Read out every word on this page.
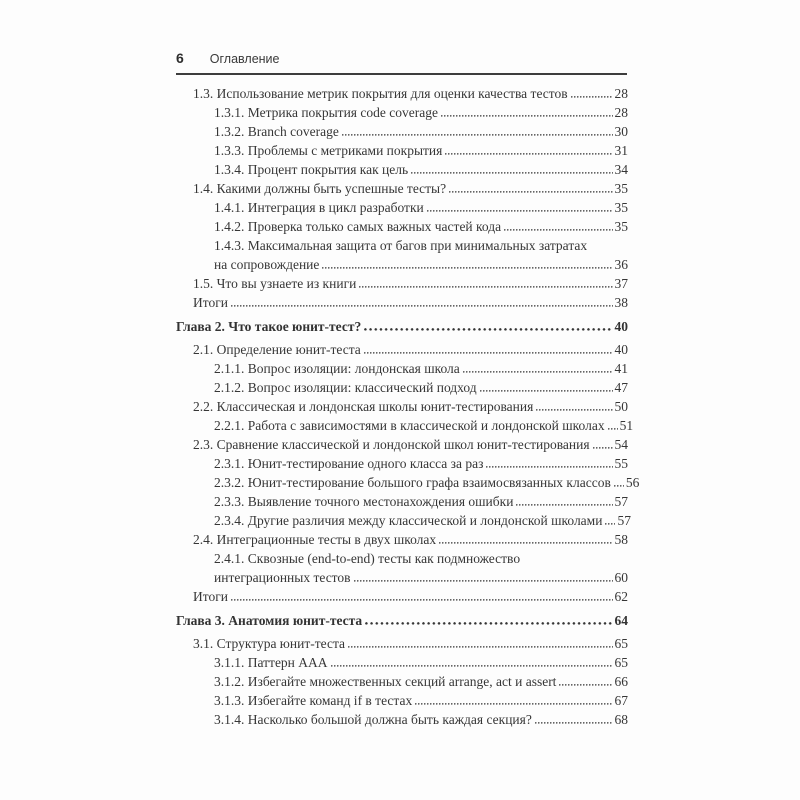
6 Оглавление
1.3. Использование метрик покрытия для оценки качества тестов	28
1.3.1. Метрика покрытия code coverage	28
1.3.2. Branch coverage	30
1.3.3. Проблемы с метриками покрытия	31
1.3.4. Процент покрытия как цель	34
1.4. Какими должны быть успешные тесты?	35
1.4.1. Интеграция в цикл разработки	35
1.4.2. Проверка только самых важных частей кода	35
1.4.3. Максимальная защита от багов при минимальных затратах
на сопровождение	36
1.5. Что вы узнаете из книги	37
Итоги	38
Глава 2. Что такое юнит-тест?	40
2.1. Определение юнит-теста	40
2.1.1. Вопрос изоляции: лондонская школа	41
2.1.2. Вопрос изоляции: классический подход	47
2.2. Классическая и лондонская школы юнит-тестирования	50
2.2.1. Работа с зависимостями в классической и лондонской школах 51
2.3. Сравнение классической и лондонской школ юнит-тестирования 54
2.3.1. Юнит-тестирование одного класса за раз	55
2.3.2. Юнит-тестирование большого графа взаимосвязанных классов 56
2.3.3. Выявление точного местонахождения ошибки	57
2.3.4. Другие различия между классической и лондонской школами 57
2.4. Интеграционные тесты в двух школах	58
2.4.1. Сквозные (end-to-end) тесты как подмножество
интеграционных тестов	60
Итоги	62
Глава 3. Анатомия юнит-теста	64
3.1. Структура юнит-теста	65
3.1.1. Паттерн AAA	65
3.1.2. Избегайте множественных секций arrange, act и assert	66
3.1.3. Избегайте команд if в тестах	67
3.1.4. Насколько большой должна быть каждая секция?	68
